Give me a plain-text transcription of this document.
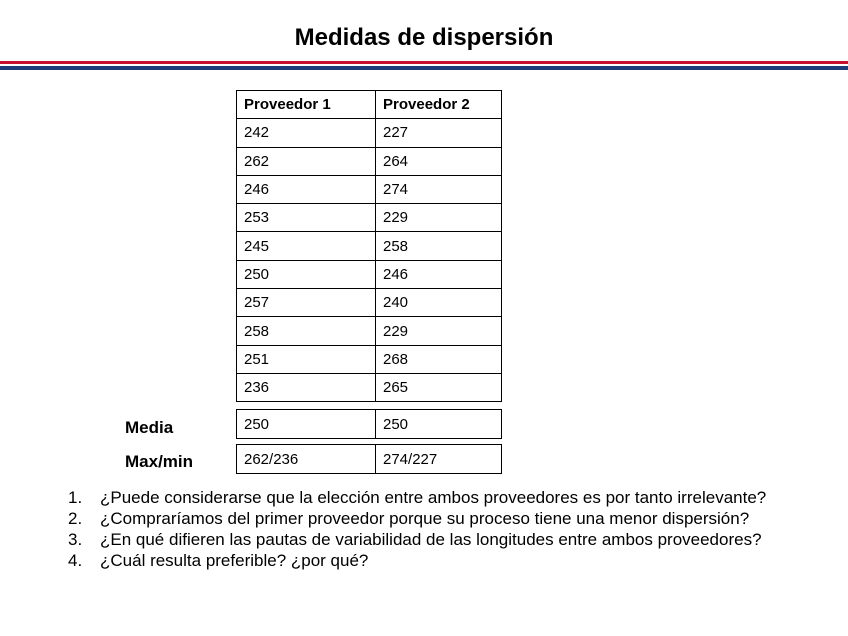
Medidas de dispersión
Proveedor 1	Proveedor 2
242	227
262	264
246	274
253	229
245	258
250	246
257	240
258	229
251	268
236	265
Media	250	250
Max/min	262/236	274/227
1. ¿Puede considerarse que la elección entre ambos proveedores es por tanto irrelevante?
2. ¿Compraríamos del primer proveedor porque su proceso tiene una menor dispersión?
3. ¿En qué difieren las pautas de variabilidad de las longitudes entre ambos proveedores?
4. ¿Cuál resulta preferible? ¿por qué?
